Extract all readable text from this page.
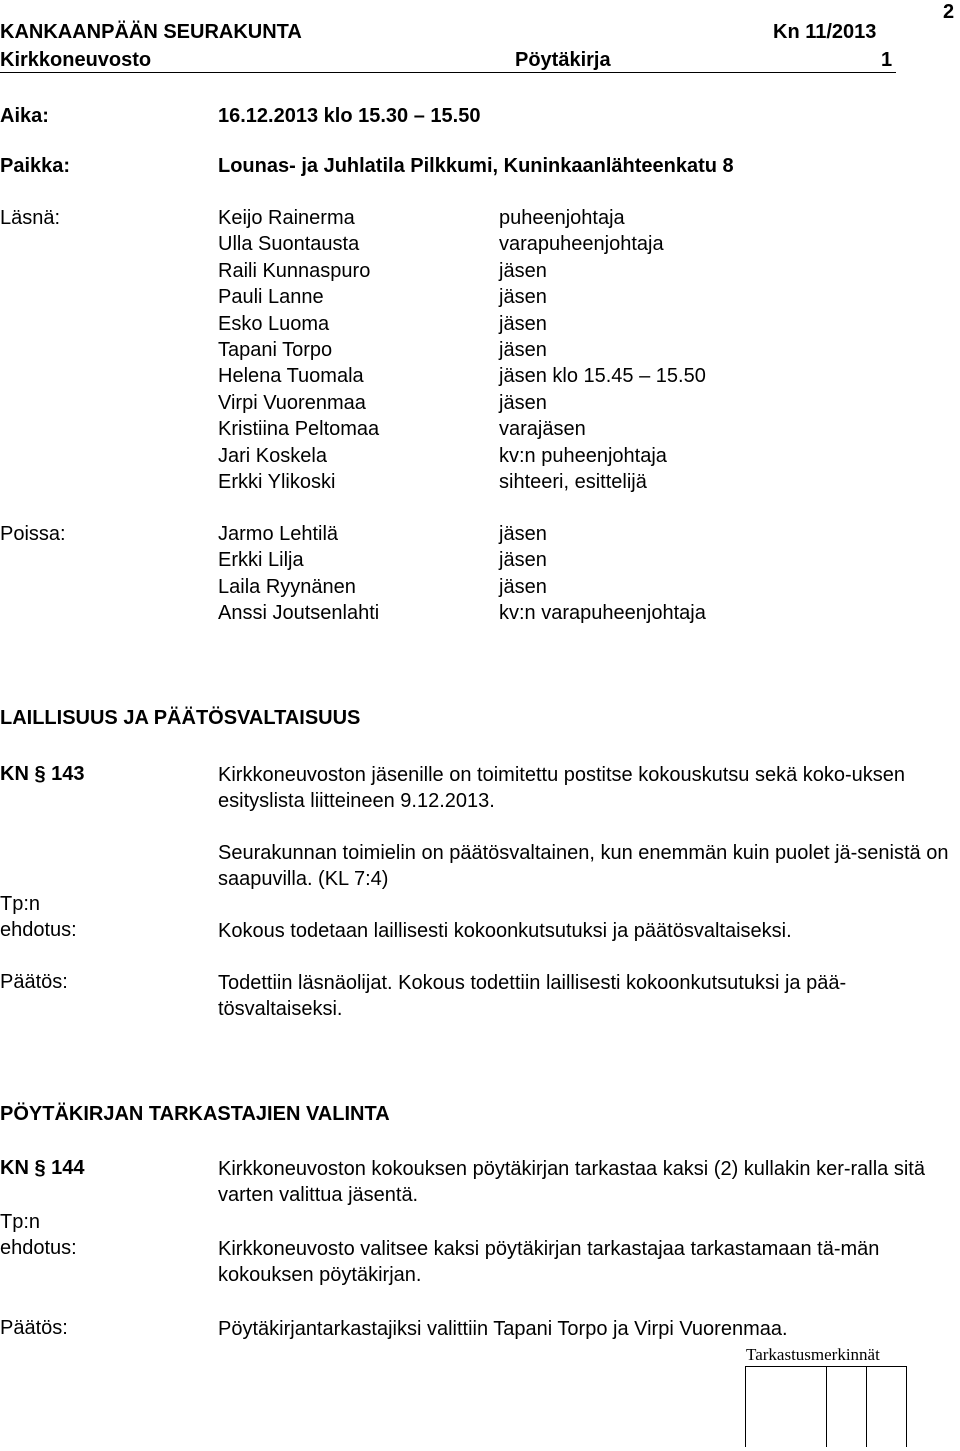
2
KANKAANPÄÄN SEURAKUNTA	Kn 11/2013
Kirkkoneuvosto	Pöytäkirja	1
Aika:	16.12.2013 klo 15.30 – 15.50
Paikka:	Lounas- ja Juhlatila Pilkkumi, Kuninkaanlähteenkatu 8
Läsnä:	Keijo Rainerma	puheenjohtaja
Ulla Suontausta	varapuheenjohtaja
Raili Kunnaspuro	jäsen
Pauli Lanne	jäsen
Esko Luoma	jäsen
Tapani Torpo	jäsen
Helena Tuomala	jäsen klo 15.45 – 15.50
Virpi Vuorenmaa	jäsen
Kristiina Peltomaa	varajäsen
Jari Koskela	kv:n puheenjohtaja
Erkki Ylikoski	sihteeri, esittelijä
Poissa:	Jarmo Lehtilä	jäsen
Erkki Lilja	jäsen
Laila Ryynänen	jäsen
Anssi Joutsenlahti	kv:n varapuheenjohtaja
LAILLISUUS JA PÄÄTÖSVALTAISUUS
KN § 143	Kirkkoneuvoston jäsenille on toimitettu postitse kokouskutsu sekä koko-uksen esityslista liitteineen 9.12.2013.
Seurakunnan toimielin on päätösvaltainen, kun enemmän kuin puolet jä-senistä on saapuvilla. (KL 7:4)
Tp:n
ehdotus:	Kokous todetaan laillisesti kokoonkutsutuksi ja päätösvaltaiseksi.
Päätös:	Todettiin läsnäolijat. Kokous todettiin laillisesti kokoonkutsutuksi ja pää-tösvaltaiseksi.
PÖYTÄKIRJAN TARKASTAJIEN VALINTA
KN § 144	Kirkkoneuvoston kokouksen pöytäkirjan tarkastaa kaksi (2) kullakin ker-ralla sitä varten valittua jäsentä.
Tp:n
ehdotus:	Kirkkoneuvosto valitsee kaksi pöytäkirjan tarkastajaa tarkastamaan tä-män kokouksen pöytäkirjan.
Päätös:	Pöytäkirjantarkastajiksi valittiin Tapani Torpo ja Virpi Vuorenmaa.
Tarkastusmerkinnät
